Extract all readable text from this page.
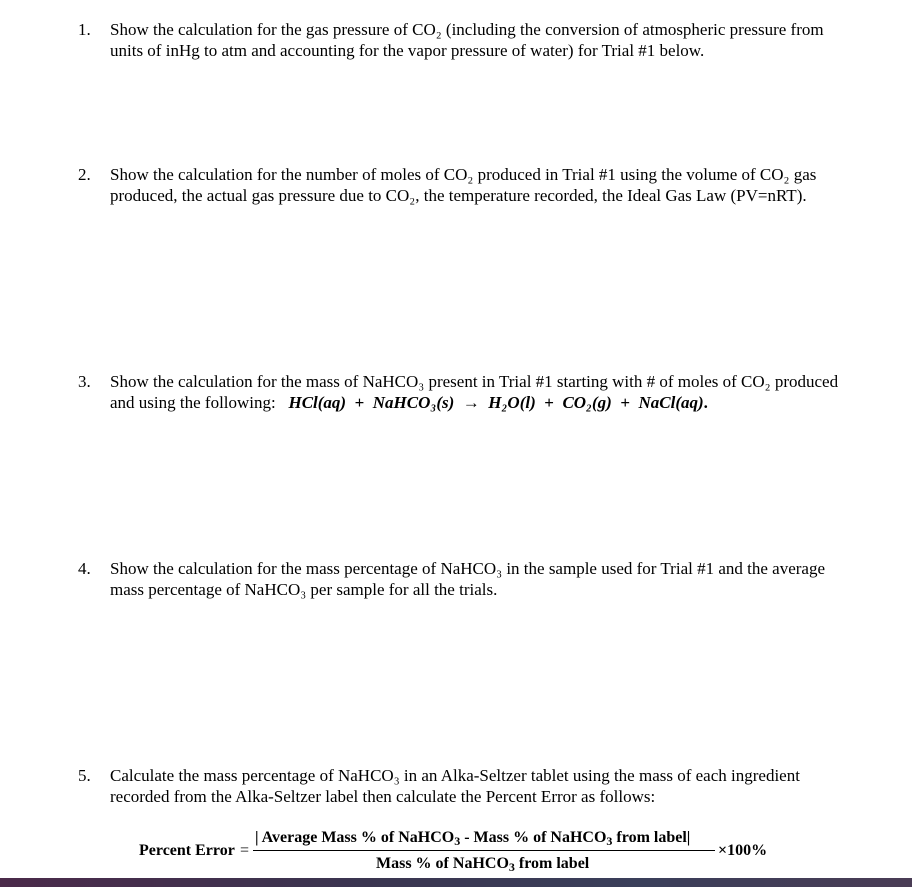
1. Show the calculation for the gas pressure of CO₂ (including the conversion of atmospheric pressure from units of inHg to atm and accounting for the vapor pressure of water) for Trial #1 below.
2. Show the calculation for the number of moles of CO₂ produced in Trial #1 using the volume of CO₂ gas produced, the actual gas pressure due to CO₂, the temperature recorded, the Ideal Gas Law (PV=nRT).
3. Show the calculation for the mass of NaHCO₃ present in Trial #1 starting with # of moles of CO₂ produced and using the following: HCl(aq) + NaHCO₃(s) → H₂O(l) + CO₂(g) + NaCl(aq).
4. Show the calculation for the mass percentage of NaHCO₃ in the sample used for Trial #1 and the average mass percentage of NaHCO₃ per sample for all the trials.
5. Calculate the mass percentage of NaHCO₃ in an Alka-Seltzer tablet using the mass of each ingredient recorded from the Alka-Seltzer label then calculate the Percent Error as follows:
Percent Error =
| Average Mass % of NaHCO3 - Mass % of NaHCO3 from label|
Mass % of NaHCO3 from label
×100%
